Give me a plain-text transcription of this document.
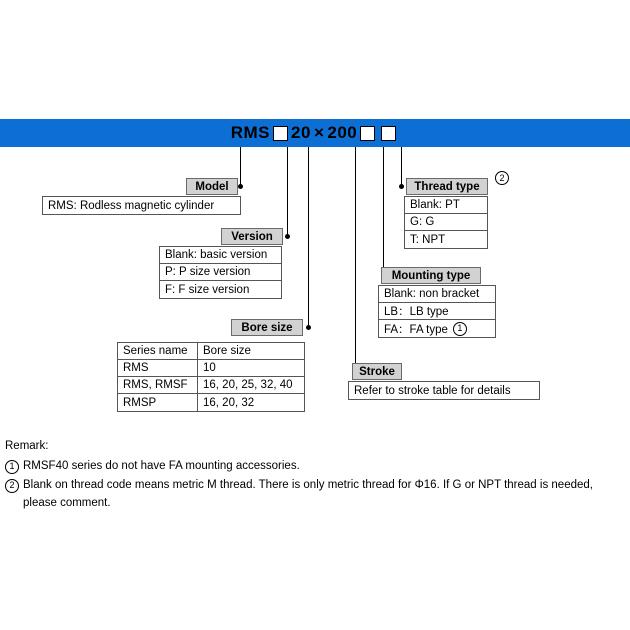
RMS 20 × 200
Model
RMS: Rodless magnetic cylinder
Version
Blank: basic version
P: P size version
F: F size version
Bore size
Series name	Bore size
RMS	10
RMS, RMSF	16, 20, 25, 32, 40
RMSP	16, 20, 32
Stroke
Refer to stroke table for details
Mounting type
Blank: non bracket
LB：LB type
FA：FA type	1
Thread type
2
Blank: PT
G: G
T: NPT
Remark:
1 RMSF40 series do not have FA mounting accessories.
2 Blank on thread code means metric M thread. There is only metric thread for Φ16. If G or NPT thread is needed,
please comment.
